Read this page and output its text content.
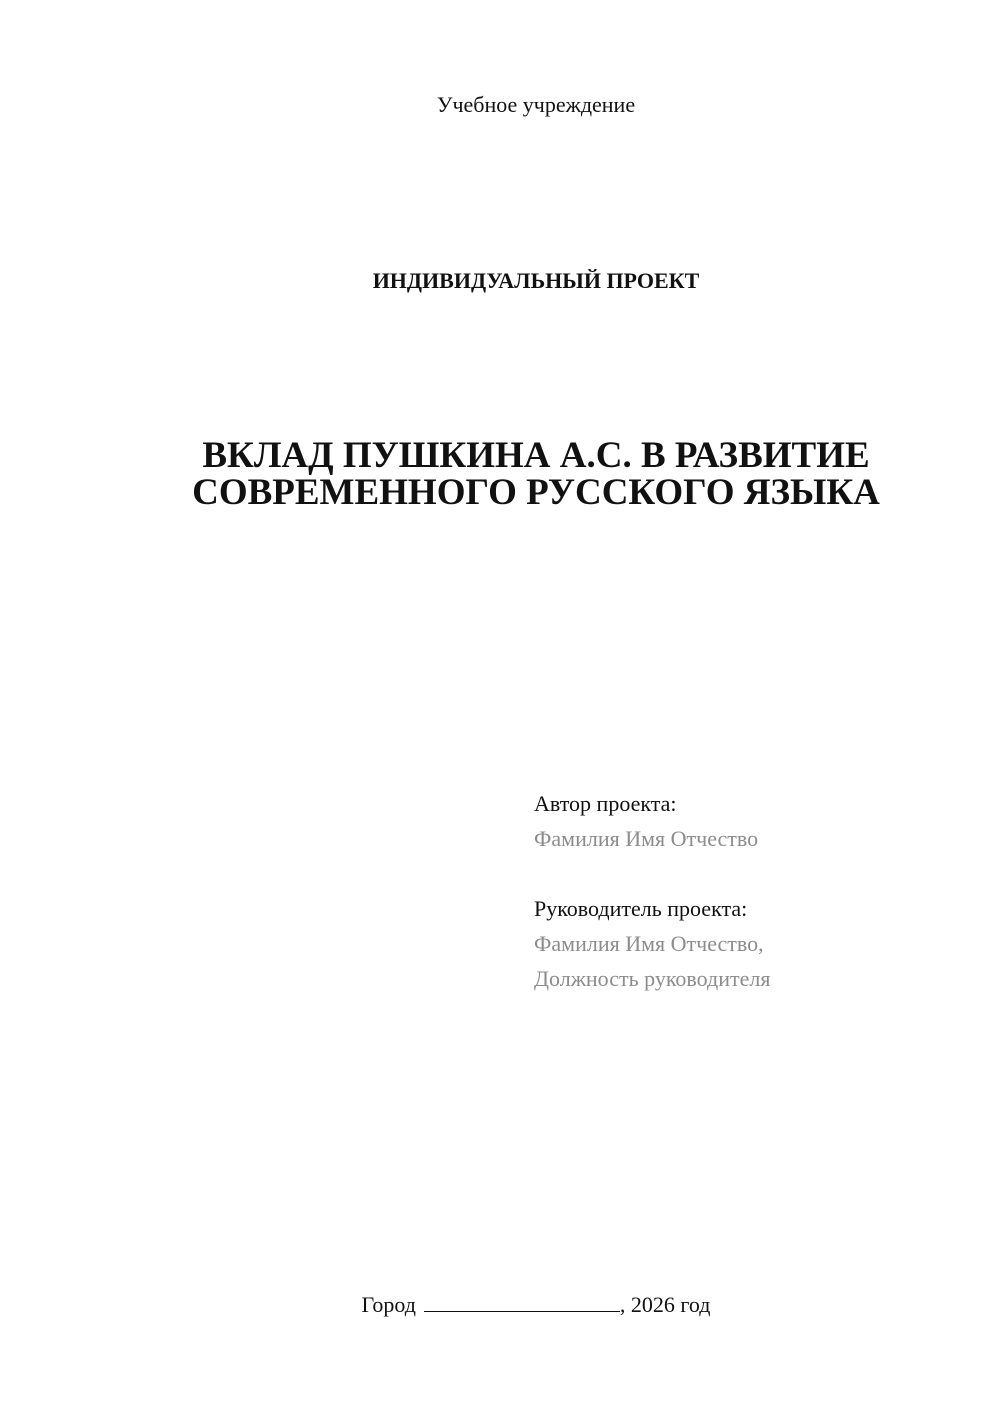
Учебное учреждение
ИНДИВИДУАЛЬНЫЙ ПРОЕКТ
ВКЛАД ПУШКИНА А.С. В РАЗВИТИЕ
СОВРЕМЕННОГО РУССКОГО ЯЗЫКА
Автор проекта:
Фамилия Имя Отчество
Руководитель проекта:
Фамилия Имя Отчество,
Должность руководителя
Город	, 2026 год
